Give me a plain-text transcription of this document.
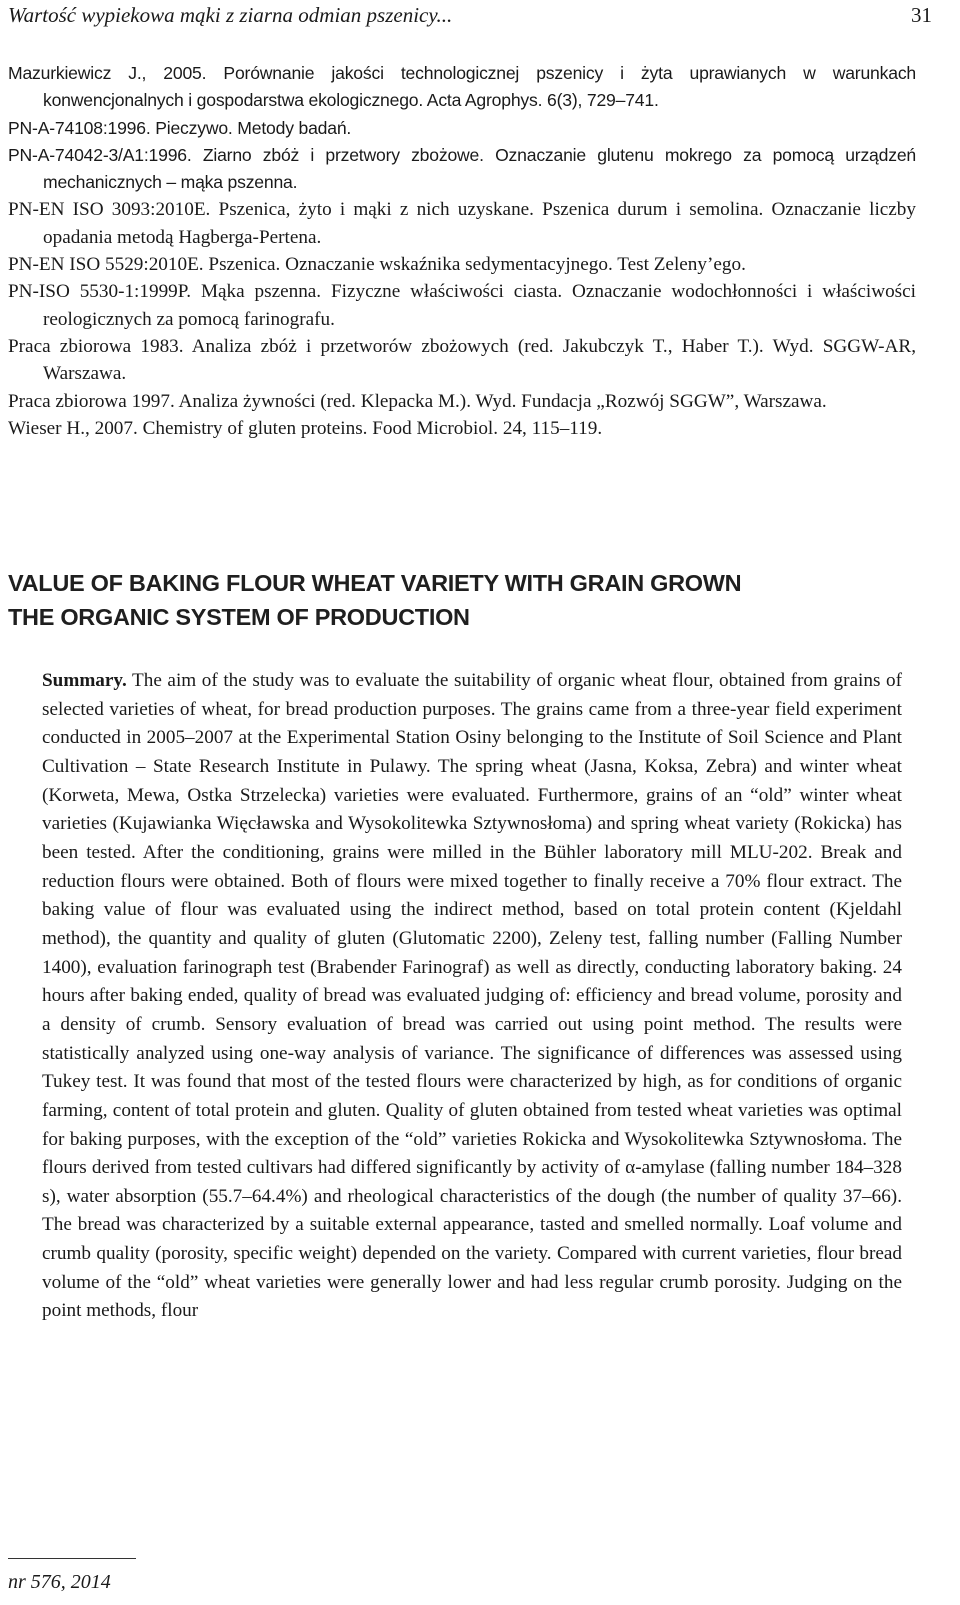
Wartość wypiekowa mąki z ziarna odmian pszenicy...	31

Mazurkiewicz J., 2005. Porównanie jakości technologicznej pszenicy i żyta uprawianych w warunkach konwencjonalnych i gospodarstwa ekologicznego. Acta Agrophys. 6(3), 729–741.

PN-A-74108:1996. Pieczywo. Metody badań.

PN-A-74042-3/A1:1996. Ziarno zbóż i przetwory zbożowe. Oznaczanie glutenu mokrego za pomocą urządzeń mechanicznych – mąka pszenna.

PN-EN ISO 3093:2010E. Pszenica, żyto i mąki z nich uzyskane. Pszenica durum i semolina. Oznaczanie liczby opadania metodą Hagberga-Pertena.

PN-EN ISO 5529:2010E. Pszenica. Oznaczanie wskaźnika sedymentacyjnego. Test Zeleny’ego.

PN-ISO 5530-1:1999P. Mąka pszenna. Fizyczne właściwości ciasta. Oznaczanie wodochłonności i właściwości reologicznych za pomocą farinografu.

Praca zbiorowa 1983. Analiza zbóż i przetworów zbożowych (red. Jakubczyk T., Haber T.). Wyd. SGGW-AR, Warszawa.

Praca zbiorowa 1997. Analiza żywności (red. Klepacka M.). Wyd. Fundacja „Rozwój SGGW”, Warszawa.

Wieser H., 2007. Chemistry of gluten proteins. Food Microbiol. 24, 115–119.

VALUE OF BAKING FLOUR WHEAT VARIETY WITH GRAIN GROWN
THE ORGANIC SYSTEM OF PRODUCTION

Summary. The aim of the study was to evaluate the suitability of organic wheat flour, obtained from grains of selected varieties of wheat, for bread production purposes. The grains came from a three-year field experiment conducted in 2005–2007 at the Experimental Station Osiny belonging to the Institute of Soil Science and Plant Cultivation – State Research Institute in Pulawy. The spring wheat (Jasna, Koksa, Zebra) and winter wheat (Korweta, Mewa, Ostka Strzelecka) varieties were evaluated. Furthermore, grains of an “old” winter wheat varieties (Kujawianka Więcławska and Wysokolitewka Sztywnosłoma) and spring wheat variety (Rokicka) has been tested. After the conditioning, grains were milled in the Bühler laboratory mill MLU-202. Break and reduction flours were obtained. Both of flours were mixed together to finally receive a 70% flour extract. The baking value of flour was evaluated using the indirect method, based on total protein content (Kjeldahl method), the quantity and quality of gluten (Glutomatic 2200), Zeleny test, falling number (Falling Number 1400), evaluation farinograph test (Brabender Farinograf) as well as directly, conducting laboratory baking. 24 hours after baking ended, quality of bread was evaluated judging of: efficiency and bread volume, porosity and a density of crumb. Sensory evaluation of bread was carried out using point method. The results were statistically analyzed using one-way analysis of variance. The significance of differences was assessed using Tukey test. It was found that most of the tested flours were characterized by high, as for conditions of organic farming, content of total protein and gluten. Quality of gluten obtained from tested wheat varieties was optimal for baking purposes, with the exception of the “old” varieties Rokicka and Wysokolitewka Sztywnosłoma. The flours derived from tested cultivars had differed significantly by activity of α-amylase (falling number 184–328 s), water absorption (55.7–64.4%) and rheological characteristics of the dough (the number of quality 37–66). The bread was characterized by a suitable external appearance, tasted and smelled normally. Loaf volume and crumb quality (porosity, specific weight) depended on the variety. Compared with current varieties, flour bread volume of the “old” wheat varieties were generally lower and had less regular crumb porosity. Judging on the point methods, flour

nr 576, 2014
